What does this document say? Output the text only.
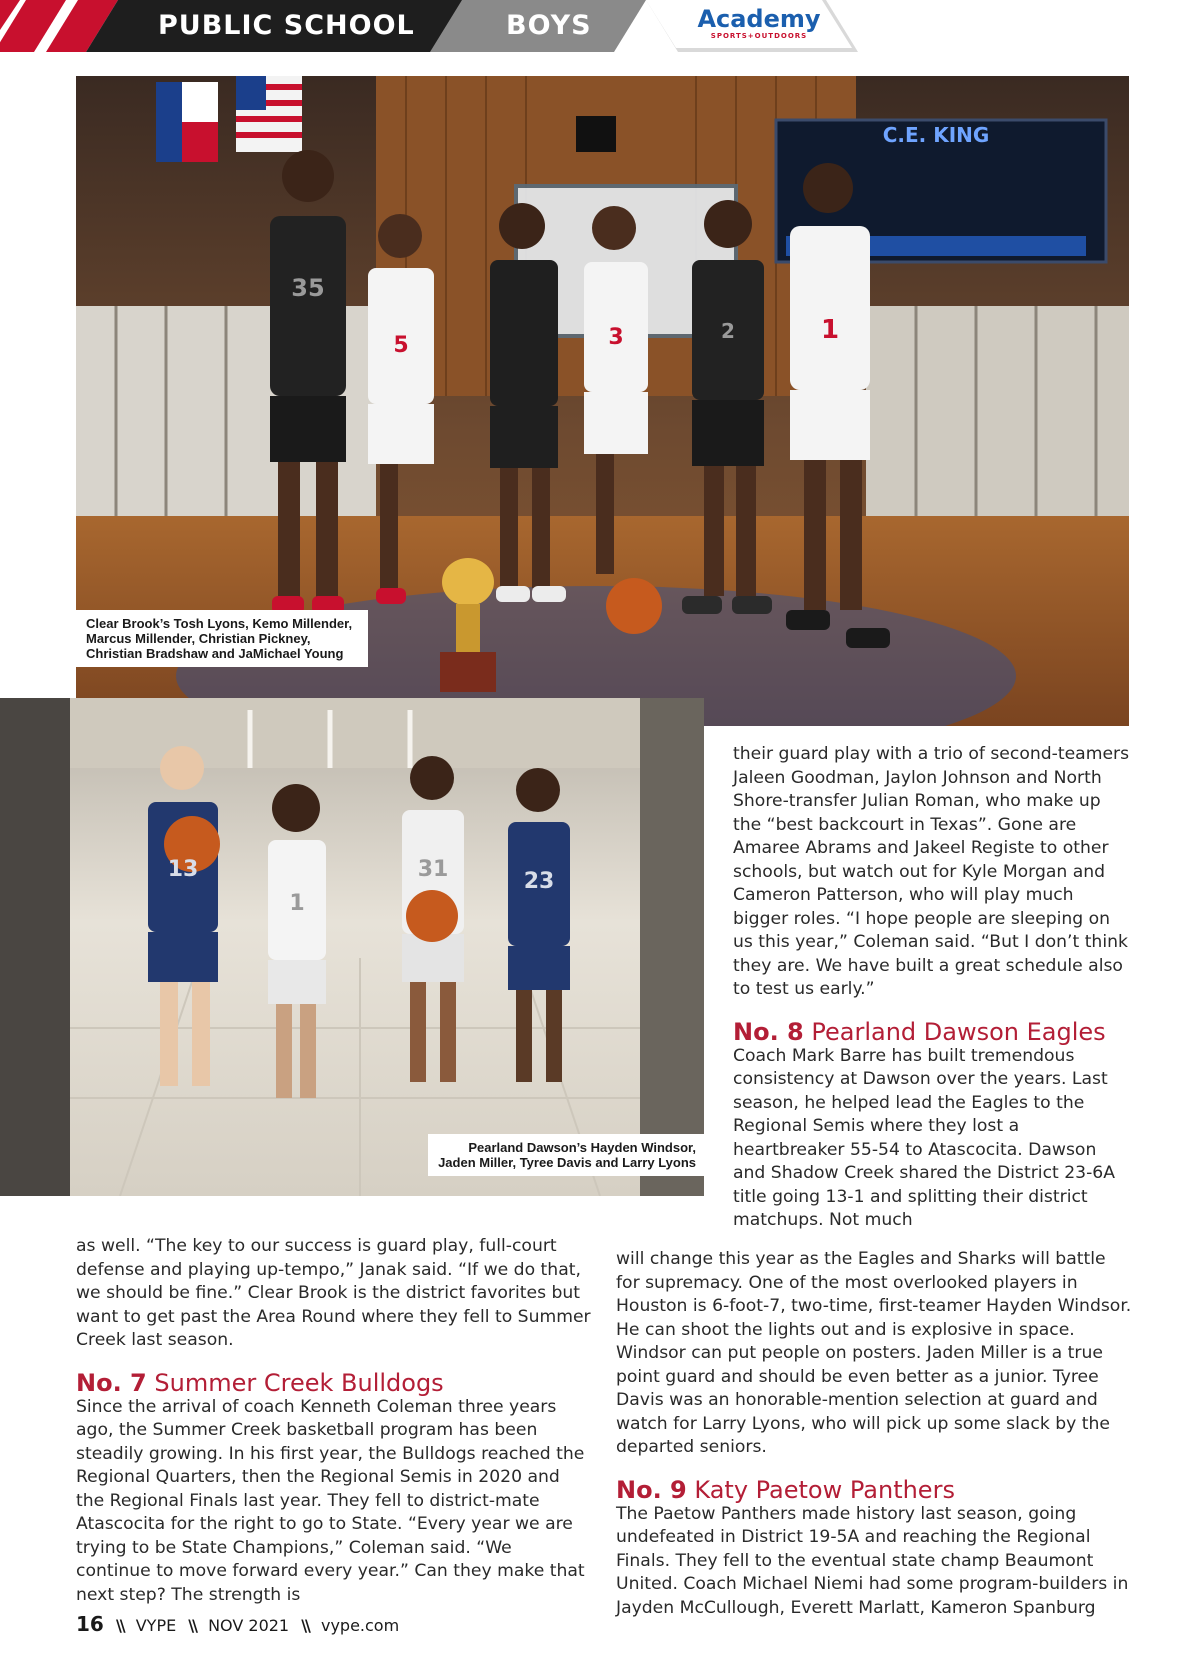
PUBLIC SCHOOL	BOYS	Academy
SPORTS+OUTDOORS
C.E. KING
35
5	3	2	1
Clear Brook’s Tosh Lyons, Kemo Millender, Marcus Millender, Christian Pickney, Christian Bradshaw and JaMichael Young
13
1
31	23
Pearland Dawson’s Hayden Windsor, Jaden Miller, Tyree Davis and Larry Lyons

their guard play with a trio of second-teamers Jaleen Goodman, Jaylon Johnson and North Shore-transfer Julian Roman, who make up the “best backcourt in Texas”. Gone are Amaree Abrams and Jakeel Registe to other schools, but watch out for Kyle Morgan and Cameron Patterson, who will play much bigger roles. “I hope people are sleeping on us this year,” Coleman said. “But I don’t think they are. We have built a great schedule also to test us early.”

No. 8 Pearland Dawson Eagles

Coach Mark Barre has built tremendous consistency at Dawson over the years. Last season, he helped lead the Eagles to the Regional Semis where they lost a heartbreaker 55-54 to Atascocita. Dawson and Shadow Creek shared the District 23-6A title going 13-1 and splitting their district matchups. Not much

will change this year as the Eagles and Sharks will battle for supremacy. One of the most overlooked players in Houston is 6-foot-7, two-time, first-teamer Hayden Windsor. He can shoot the lights out and is explosive in space. Windsor can put people on posters. Jaden Miller is a true point guard and should be even better as a junior. Tyree Davis was an honorable-mention selection at guard and watch for Larry Lyons, who will pick up some slack by the departed seniors.

No. 9 Katy Paetow Panthers

The Paetow Panthers made history last season, going undefeated in District 19-5A and reaching the Regional Finals. They fell to the eventual state champ Beaumont United. Coach Michael Niemi had some program-builders in Jayden McCullough, Everett Marlatt, Kameron Spanburg

as well. “The key to our success is guard play, full-court defense and playing up-tempo,” Janak said. “If we do that, we should be fine.” Clear Brook is the district favorites but want to get past the Area Round where they fell to Summer Creek last season.

No. 7 Summer Creek Bulldogs

Since the arrival of coach Kenneth Coleman three years ago, the Summer Creek basketball program has been steadily growing. In his first year, the Bulldogs reached the Regional Quarters, then the Regional Semis in 2020 and the Regional Finals last year. They fell to district-mate Atascocita for the right to go to State. “Every year we are trying to be State Champions,” Coleman said. “We continue to move forward every year.” Can they make that next step? The strength is

16 \\ VYPE \\ NOV 2021 \\ vype.com
